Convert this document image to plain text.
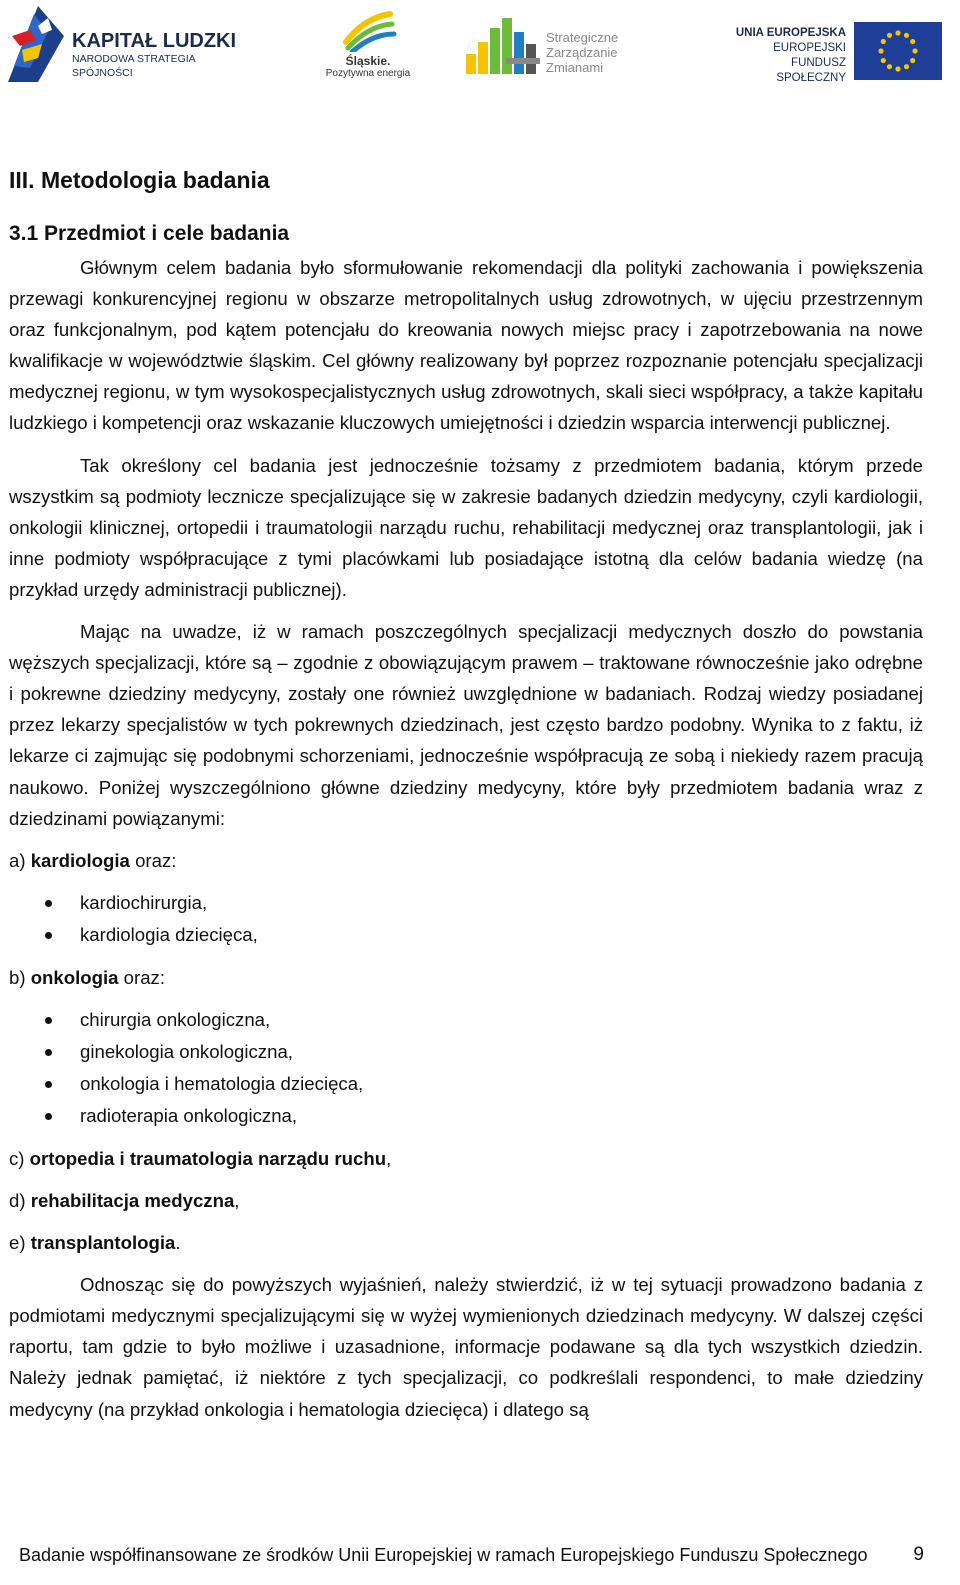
KAPITAŁ LUDZKI
NARODOWA STRATEGIA SPÓJNOŚCI
Śląskie.
Pozytywna energia
Strategiczne
Zarządzanie
Zmianami
UNIA EUROPEJSKA
EUROPEJSKI
FUNDUSZ SPOŁECZNY
III. Metodologia badania
3.1 Przedmiot i cele badania

Głównym celem badania było sformułowanie rekomendacji dla polityki zachowania i powiększenia przewagi konkurencyjnej regionu w obszarze metropolitalnych usług zdrowotnych, w ujęciu przestrzennym oraz funkcjonalnym, pod kątem potencjału do kreowania nowych miejsc pracy i zapotrzebowania na nowe kwalifikacje w województwie śląskim. Cel główny realizowany był poprzez rozpoznanie potencjału specjalizacji medycznej regionu, w tym wysokospecjalistycznych usług zdrowotnych, skali sieci współpracy, a także kapitału ludzkiego i kompetencji oraz wskazanie kluczowych umiejętności i dziedzin wsparcia interwencji publicznej.

Tak określony cel badania jest jednocześnie tożsamy z przedmiotem badania, którym przede wszystkim są podmioty lecznicze specjalizujące się w zakresie badanych dziedzin medycyny, czyli kardiologii, onkologii klinicznej, ortopedii i traumatologii narządu ruchu, rehabilitacji medycznej oraz transplantologii, jak i inne podmioty współpracujące z tymi placówkami lub posiadające istotną dla celów badania wiedzę (na przykład urzędy administracji publicznej).

Mając na uwadze, iż w ramach poszczególnych specjalizacji medycznych doszło do powstania węższych specjalizacji, które są – zgodnie z obowiązującym prawem – traktowane równocześnie jako odrębne i pokrewne dziedziny medycyny, zostały one również uwzględnione w badaniach. Rodzaj wiedzy posiadanej przez lekarzy specjalistów w tych pokrewnych dziedzinach, jest często bardzo podobny. Wynika to z faktu, iż lekarze ci zajmując się podobnymi schorzeniami, jednocześnie współpracują ze sobą i niekiedy razem pracują naukowo. Poniżej wyszczególniono główne dziedziny medycyny, które były przedmiotem badania wraz z dziedzinami powiązanymi:

a) kardiologia oraz:
kardiochirurgia,
kardiologia dziecięca,
b) onkologia oraz:
chirurgia onkologiczna,
ginekologia onkologiczna,
onkologia i hematologia dziecięca,
radioterapia onkologiczna,
c) ortopedia i traumatologia narządu ruchu,
d) rehabilitacja medyczna,
e) transplantologia.

Odnosząc się do powyższych wyjaśnień, należy stwierdzić, iż w tej sytuacji prowadzono badania z podmiotami medycznymi specjalizującymi się w wyżej wymienionych dziedzinach medycyny. W dalszej części raportu, tam gdzie to było możliwe i uzasadnione, informacje podawane są dla tych wszystkich dziedzin. Należy jednak pamiętać, iż niektóre z tych specjalizacji, co podkreślali respondenci, to małe dziedziny medycyny (na przykład onkologia i hematologia dziecięca) i dlatego są

Badanie współfinansowane ze środków Unii Europejskiej w ramach Europejskiego Funduszu Społecznego	9
